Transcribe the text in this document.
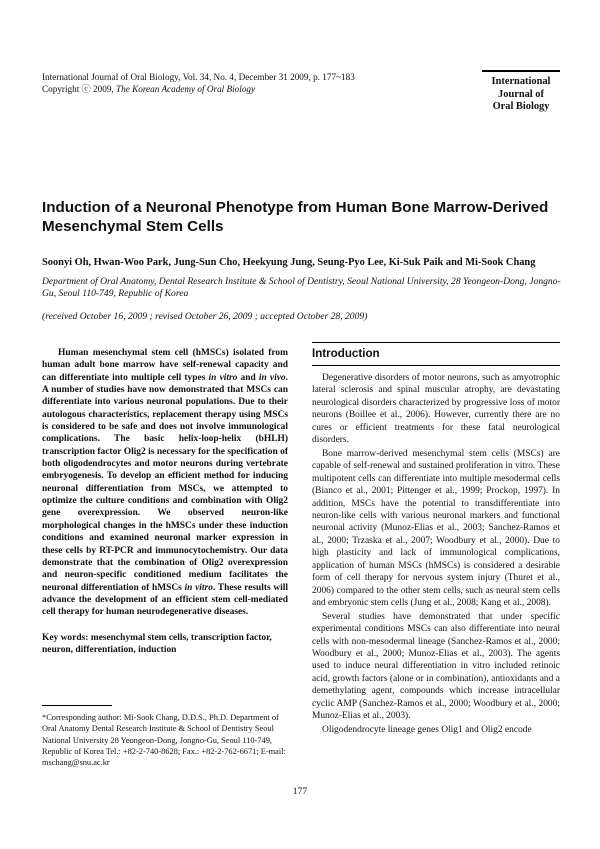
International Journal of Oral Biology, Vol. 34, No. 4, December 31 2009, p. 177~183
Copyright ⓒ 2009, The Korean Academy of Oral Biology
International
Journal of
Oral Biology
Induction of a Neuronal Phenotype from Human Bone Marrow-Derived Mesenchymal Stem Cells

Soonyi Oh, Hwan-Woo Park, Jung-Sun Cho, Heekyung Jung, Seung-Pyo Lee, Ki-Suk Paik and Mi-Sook Chang

Department of Oral Anatomy, Dental Research Institute & School of Dentistry, Seoul National University, 28 Yeongeon-Dong, Jongno-Gu, Seoul 110-749, Republic of Korea

(received October 16, 2009 ; revised October 26, 2009 ; accepted October 28, 2009)

Human mesenchymal stem cell (hMSCs) isolated from human adult bone marrow have self-renewal capacity and can differentiate into multiple cell types in vitro and in vivo. A number of studies have now demonstrated that MSCs can differentiate into various neuronal populations. Due to their autologous characteristics, replacement therapy using MSCs is considered to be safe and does not involve immunological complications. The basic helix-loop-helix (bHLH) transcription factor Olig2 is necessary for the specification of both oligodendrocytes and motor neurons during vertebrate embryogenesis. To develop an efficient method for inducing neuronal differentiation from MSCs, we attempted to optimize the culture conditions and combination with Olig2 gene overexpression. We observed neuron-like morphological changes in the hMSCs under these induction conditions and examined neuronal marker expression in these cells by RT-PCR and immunocytochemistry. Our data demonstrate that the combination of Olig2 overexpression and neuron-specific conditioned medium facilitates the neuronal differentiation of hMSCs in vitro. These results will advance the development of an efficient stem cell-mediated cell therapy for human neurodegenerative diseases.

Key words: mesenchymal stem cells, transcription factor, neuron, differentiation, induction

*Corresponding author: Mi-Sook Chang, D.D.S., Ph.D. Department of Oral Anatomy Dental Research Institute & School of Dentistry Seoul National University 28 Yeongeon-Dong, Jongno-Gu, Seoul 110-749, Republic of Korea Tel.: +82-2-740-8628; Fax.: +82-2-762-6671; E-mail: mschang@snu.ac.kr

Introduction

Degenerative disorders of motor neurons, such as amyotrophic lateral sclerosis and spinal muscular atrophy, are devastating neurological disorders characterized by progressive loss of motor neurons (Boillee et al., 2006). However, currently there are no cures or efficient treatments for these fatal neurological disorders.

Bone marrow-derived mesenchymal stem cells (MSCs) are capable of self-renewal and sustained proliferation in vitro. These multipotent cells can differentiate into multiple mesodermal cells (Bianco et al., 2001; Pittenger et al., 1999; Prockop, 1997). In addition, MSCs have the potential to transdifferentiate into neuron-like cells with various neuronal markers and functional neuronal activity (Munoz-Elias et al., 2003; Sanchez-Ramos et al., 2000; Trzaska et al., 2007; Woodbury et al., 2000). Due to high plasticity and lack of immunological complications, application of human MSCs (hMSCs) is considered a desirable form of cell therapy for nervous system injury (Thuret et al., 2006) compared to the other stem cells, such as neural stem cells and embryonic stem cells (Jung et al., 2008; Kang et al., 2008).

Several studies have demonstrated that under specific experimental conditions MSCs can also differentiate into neural cells with non-mesodermal lineage (Sanchez-Ramos et al., 2000; Woodbury et al., 2000; Munoz-Elias et al., 2003). The agents used to induce neural differentiation in vitro included retinoic acid, growth factors (alone or in combination), antioxidants and a demethylating agent, compounds which increase intracellular cyclic AMP (Sanchez-Ramos et al., 2000; Woodbury et al., 2000; Munoz-Elias et al., 2003).

Oligodendrocyte lineage genes Olig1 and Olig2 encode

177
